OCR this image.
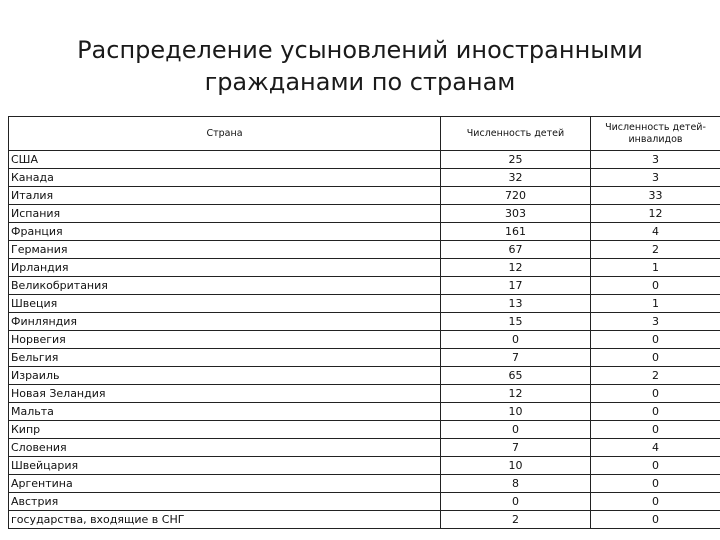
Распределение усыновлений иностранными
гражданами по странам
Страна	Численность детей	Численность детей-инвалидов
США	25	3
Канада	32	3
Италия	720	33
Испания	303	12
Франция	161	4
Германия	67	2
Ирландия	12	1
Великобритания	17	0
Швеция	13	1
Финляндия	15	3
Норвегия	0	0
Бельгия	7	0
Израиль	65	2
Новая Зеландия	12	0
Мальта	10	0
Кипр	0	0
Словения	7	4
Швейцария	10	0
Аргентина	8	0
Австрия	0	0
государства, входящие в СНГ	2	0
